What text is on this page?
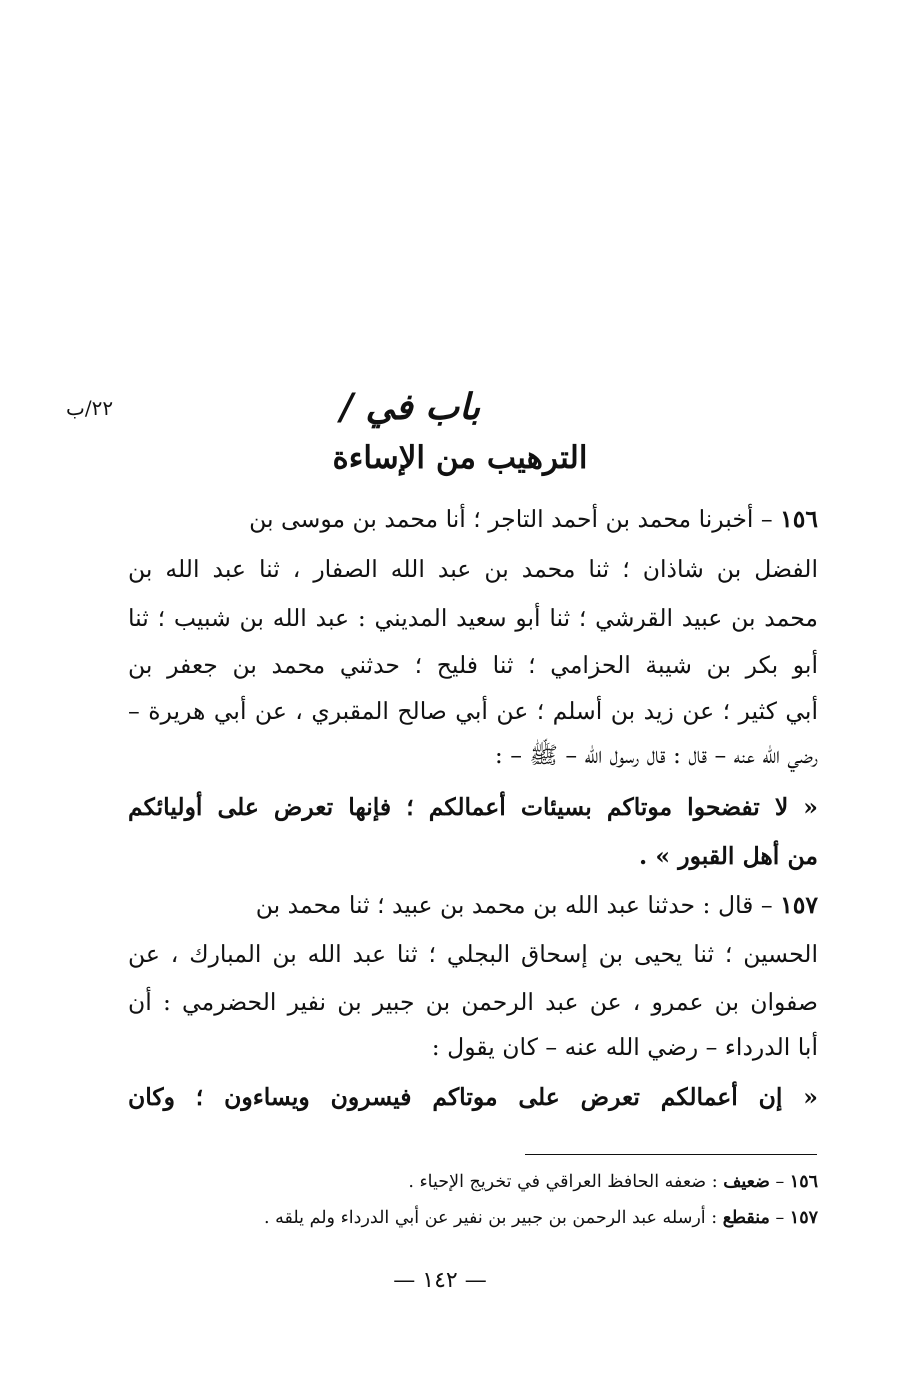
٢٢/ب	باب في /
الترهيب من الإساءة
١٥٦ – أخبرنا محمد بن أحمد التاجر ؛ أنا محمد بن موسى بن
الفضل بن شاذان ؛ ثنا محمد بن عبد الله الصفار ، ثنا عبد الله بن
محمد بن عبيد القرشي ؛ ثنا أبو سعيد المديني : عبد الله بن شبيب ؛ ثنا
أبو بكر بن شيبة الحزامي ؛ ثنا فليح ؛ حدثني محمد بن جعفر بن
أبي كثير ؛ عن زيد بن أسلم ؛ عن أبي صالح المقبري ، عن أبي هريرة –
رضي الله عنه – قال : قال رسول الله – ﷺ – :
« لا تفضحوا موتاكم بسيئات أعمالكم ؛ فإنها تعرض على أوليائكم
من أهل القبور » .
١٥٧ – قال : حدثنا عبد الله بن محمد بن عبيد ؛ ثنا محمد بن
الحسين ؛ ثنا يحيى بن إسحاق البجلي ؛ ثنا عبد الله بن المبارك ، عن
صفوان بن عمرو ، عن عبد الرحمن بن جبير بن نفير الحضرمي : أن
أبا الدرداء – رضي الله عنه – كان يقول :
« إن أعمالكم تعرض على موتاكم فيسرون ويساءون ؛ وكان
١٥٦ – ضعيف : ضعفه الحافظ العراقي في تخريج الإحياء .
١٥٧ – منقطع : أرسله عبد الرحمن بن جبير بن نفير عن أبي الدرداء ولم يلقه .
— ١٤٢ —
